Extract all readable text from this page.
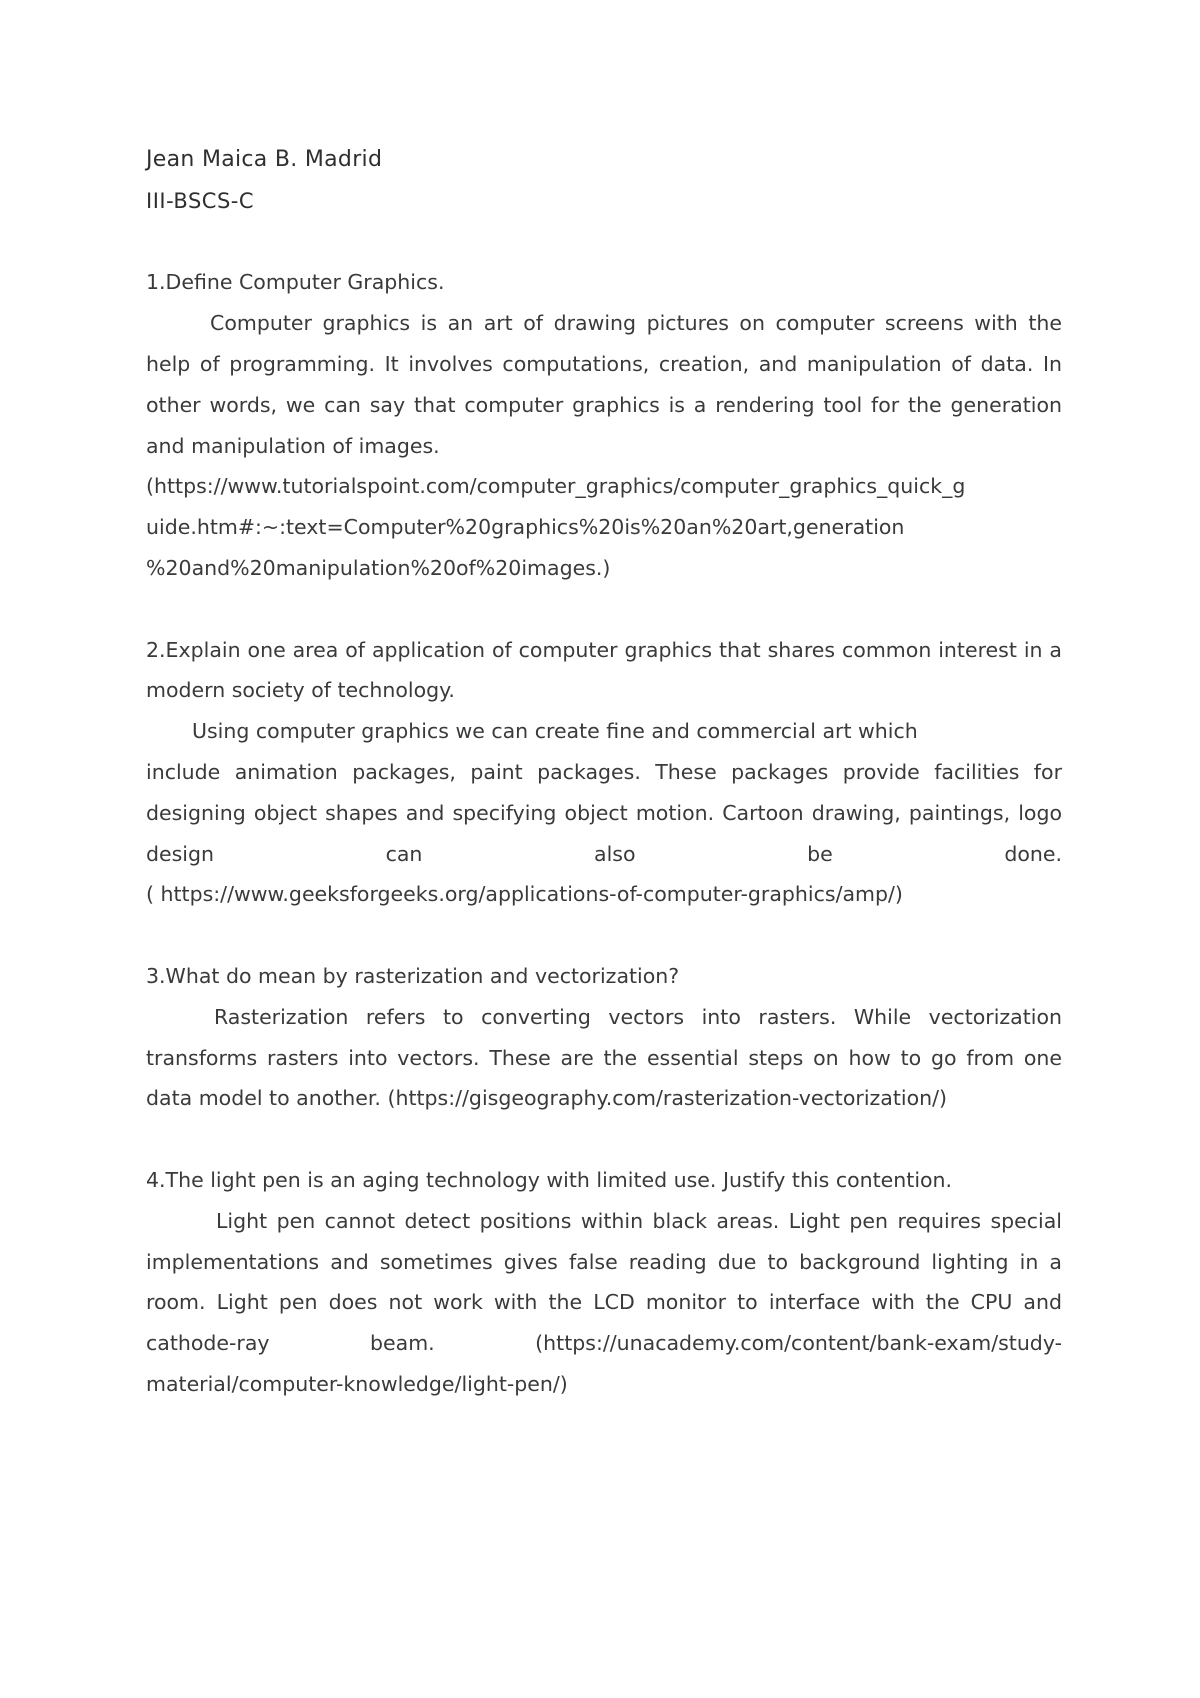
Jean Maica B. Madrid
III-BSCS-C

1.Define Computer Graphics.

Computer graphics is an art of drawing pictures on computer screens with the help of programming. It involves computations, creation, and manipulation of data. In other words, we can say that computer graphics is a rendering tool for the generation and manipulation of images.

(https://www.tutorialspoint.com/computer_graphics/computer_graphics_quick_g

uide.htm#:~:text=Computer%20graphics%20is%20an%20art,generation

%20and%20manipulation%20of%20images.)

2.Explain one area of application of computer graphics that shares common interest in a modern society of technology.

Using computer graphics we can create fine and commercial art which

include animation packages, paint packages. These packages provide facilities for designing object shapes and specifying object motion. Cartoon drawing, paintings, logo design can also be done.

( https://www.geeksforgeeks.org/applications-of-computer-graphics/amp/)

3.What do mean by rasterization and vectorization?

Rasterization refers to converting vectors into rasters. While vectorization transforms rasters into vectors. These are the essential steps on how to go from one data model to another. (https://gisgeography.com/rasterization-vectorization/)

4.The light pen is an aging technology with limited use. Justify this contention.

Light pen cannot detect positions within black areas. Light pen requires special implementations and sometimes gives false reading due to background lighting in a room. Light pen does not work with the LCD monitor to interface with the CPU and cathode-ray beam. (https://unacademy.com/content/bank-exam/study-material/computer-knowledge/light-pen/)
